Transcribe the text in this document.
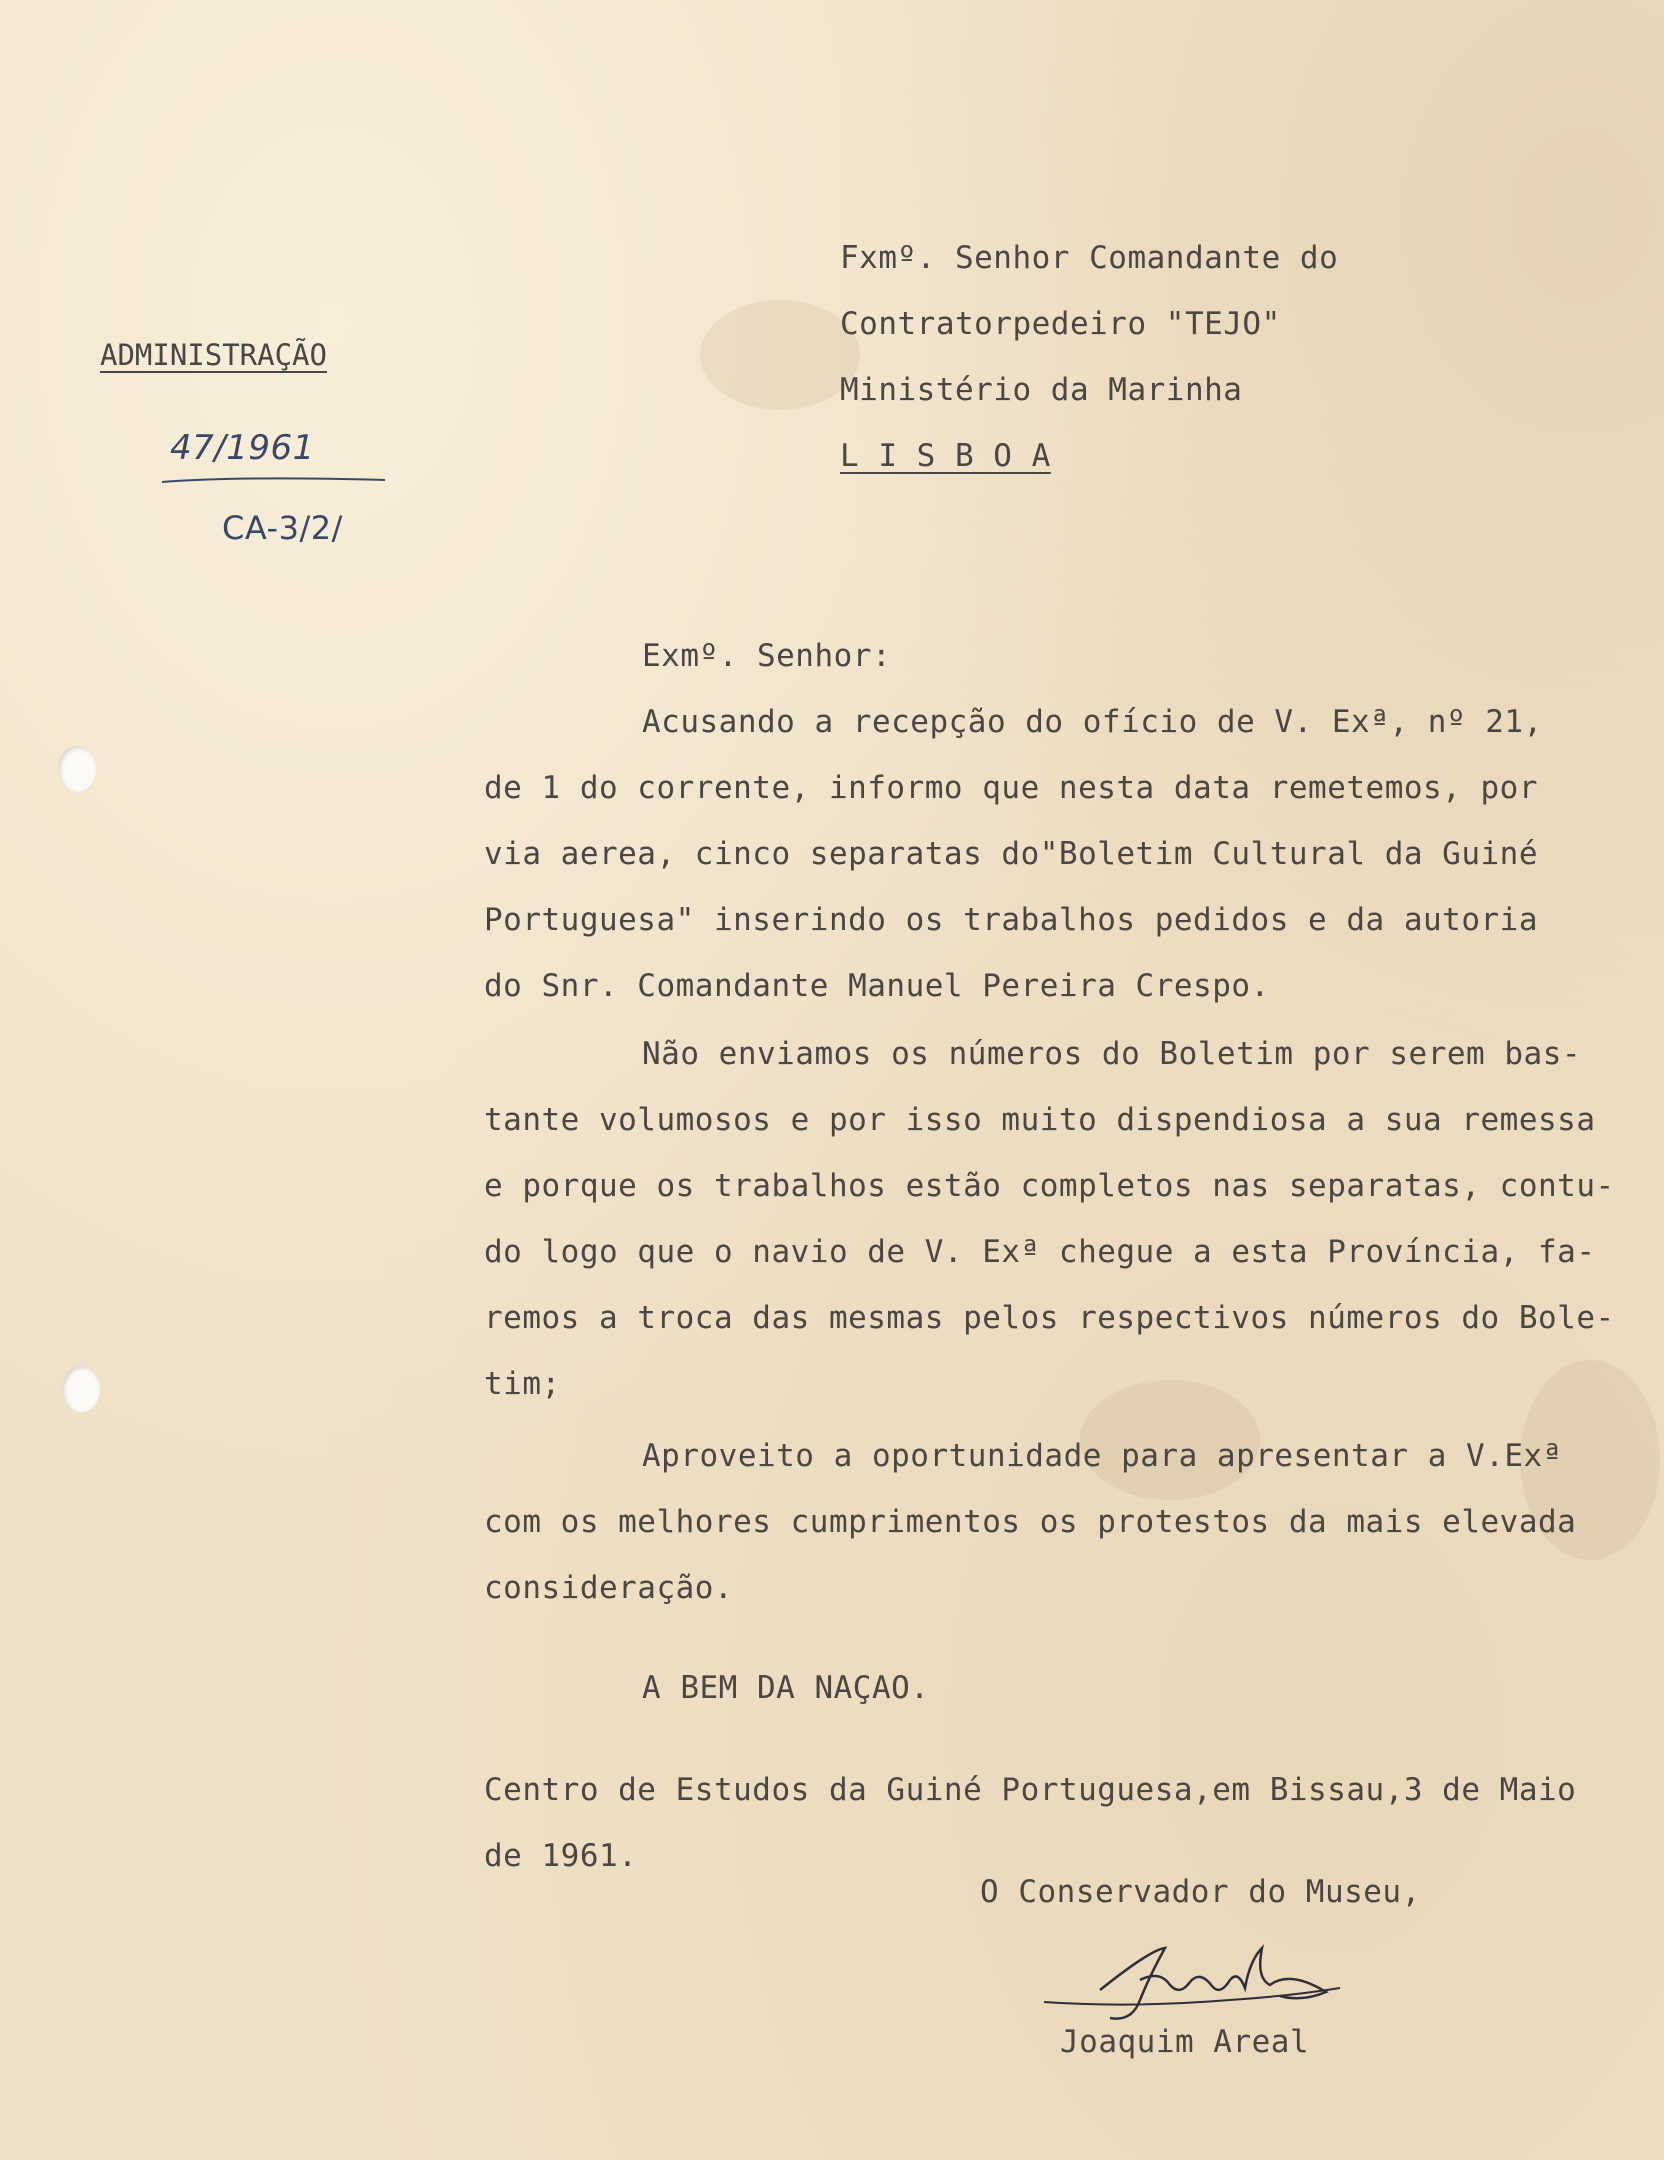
ADMINISTRAÇÃO
47/1961
CA-3/2/
Fxmº. Senhor Comandante do
Contratorpedeiro "TEJO"
Ministério da Marinha
L I S B O A
Exmº. Senhor:
Acusando a recepção do ofício de V. Exª, nº 21,
de 1 do corrente, informo que nesta data remetemos, por
via aerea, cinco separatas do"Boletim Cultural da Guiné
Portuguesa" inserindo os trabalhos pedidos e da autoria
do Snr. Comandante Manuel Pereira Crespo.
Não enviamos os números do Boletim por serem bas-
tante volumosos e por isso muito dispendiosa a sua remessa
e porque os trabalhos estão completos nas separatas, contu-
do logo que o navio de V. Exª chegue a esta Província, fa-
remos a troca das mesmas pelos respectivos números do Bole-
tim;
Aproveito a oportunidade para apresentar a V.Exª
com os melhores cumprimentos os protestos da mais elevada
consideração.
A BEM DA NAÇAO.
Centro de Estudos da Guiné Portuguesa,em Bissau,3 de Maio
de 1961.
O Conservador do Museu,
Joaquim Areal
